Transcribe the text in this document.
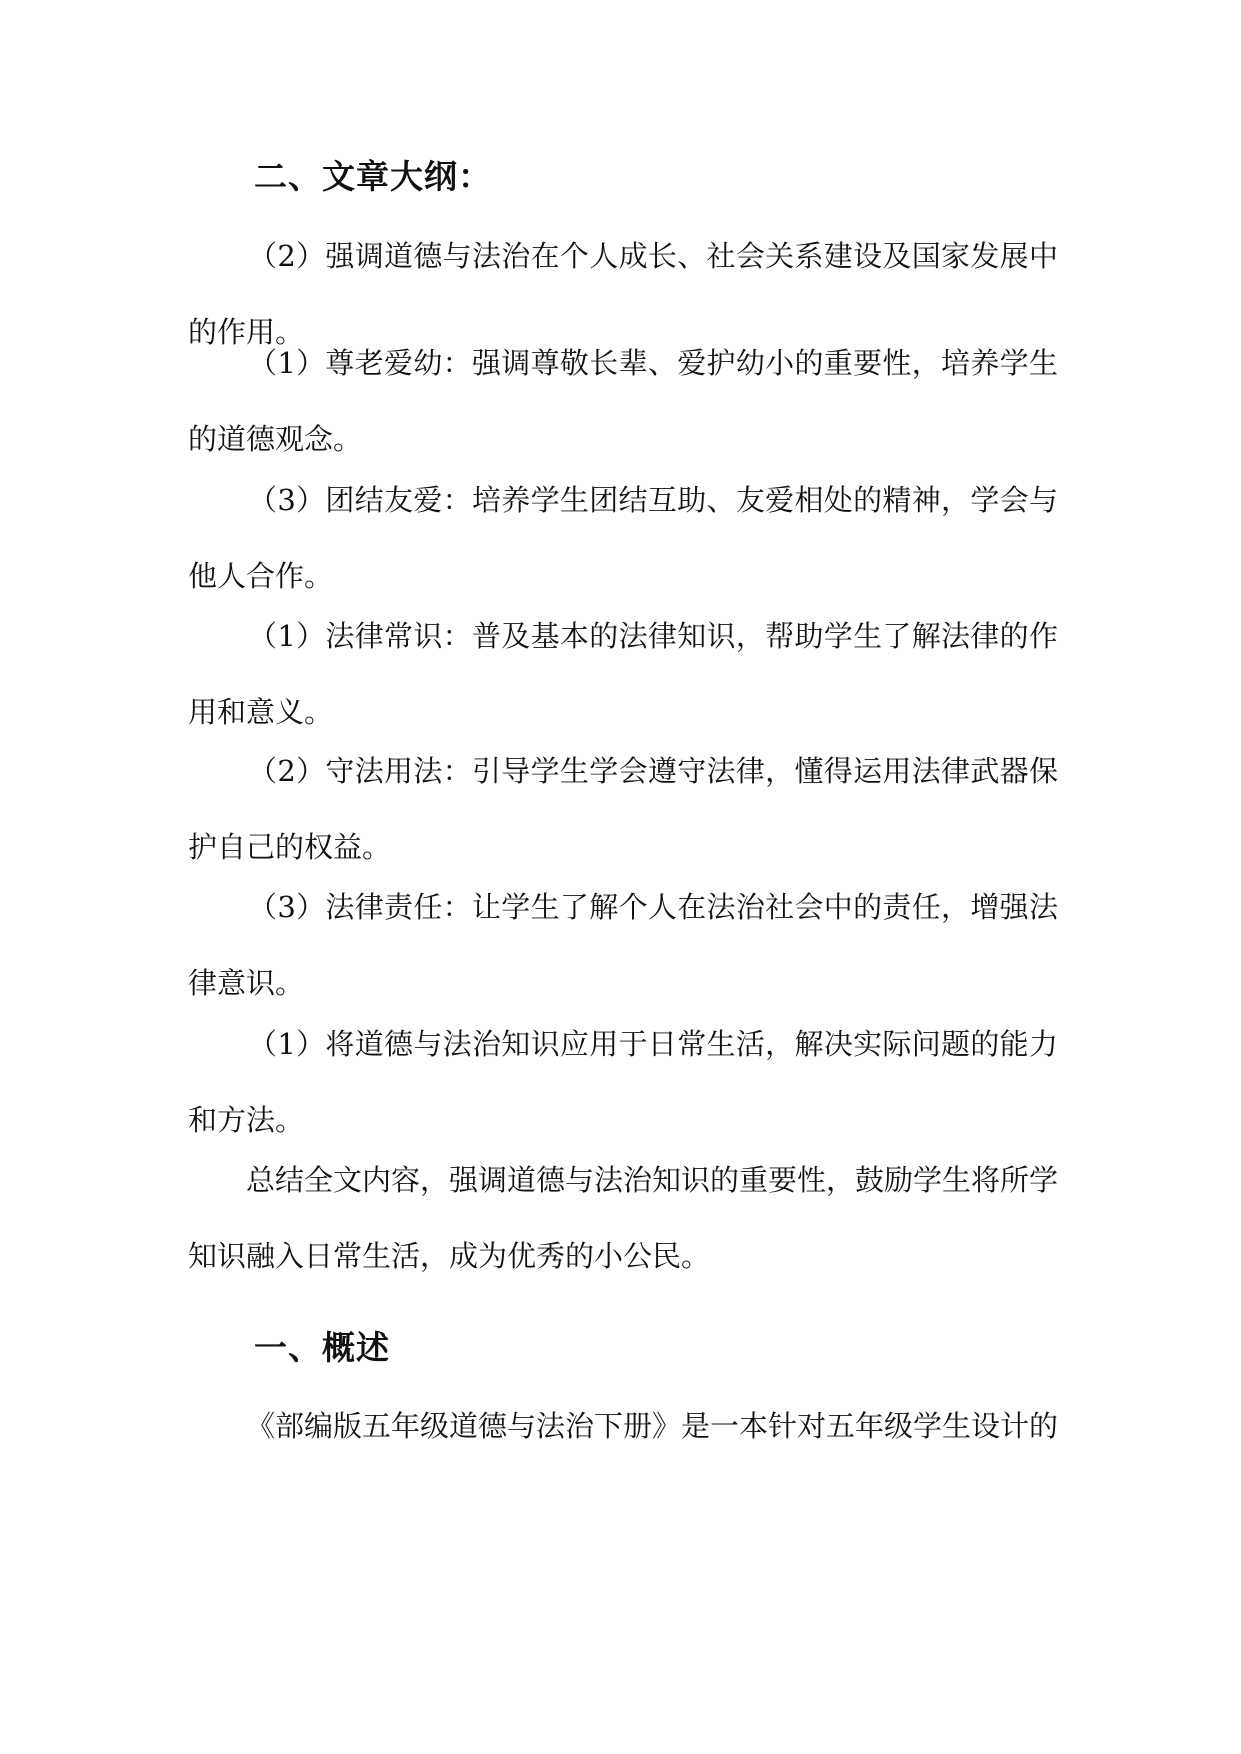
二、文章大纲：

（2）强调道德与法治在个人成长、社会关系建设及国家发展中的作用。

（1）尊老爱幼：强调尊敬长辈、爱护幼小的重要性，培养学生的道德观念。

（3）团结友爱：培养学生团结互助、友爱相处的精神，学会与他人合作。

（1）法律常识：普及基本的法律知识，帮助学生了解法律的作用和意义。

（2）守法用法：引导学生学会遵守法律，懂得运用法律武器保护自己的权益。

（3）法律责任：让学生了解个人在法治社会中的责任，增强法律意识。

（1）将道德与法治知识应用于日常生活，解决实际问题的能力和方法。

总结全文内容，强调道德与法治知识的重要性，鼓励学生将所学知识融入日常生活，成为优秀的小公民。

一、概述

《部编版五年级道德与法治下册》是一本针对五年级学生设计的
